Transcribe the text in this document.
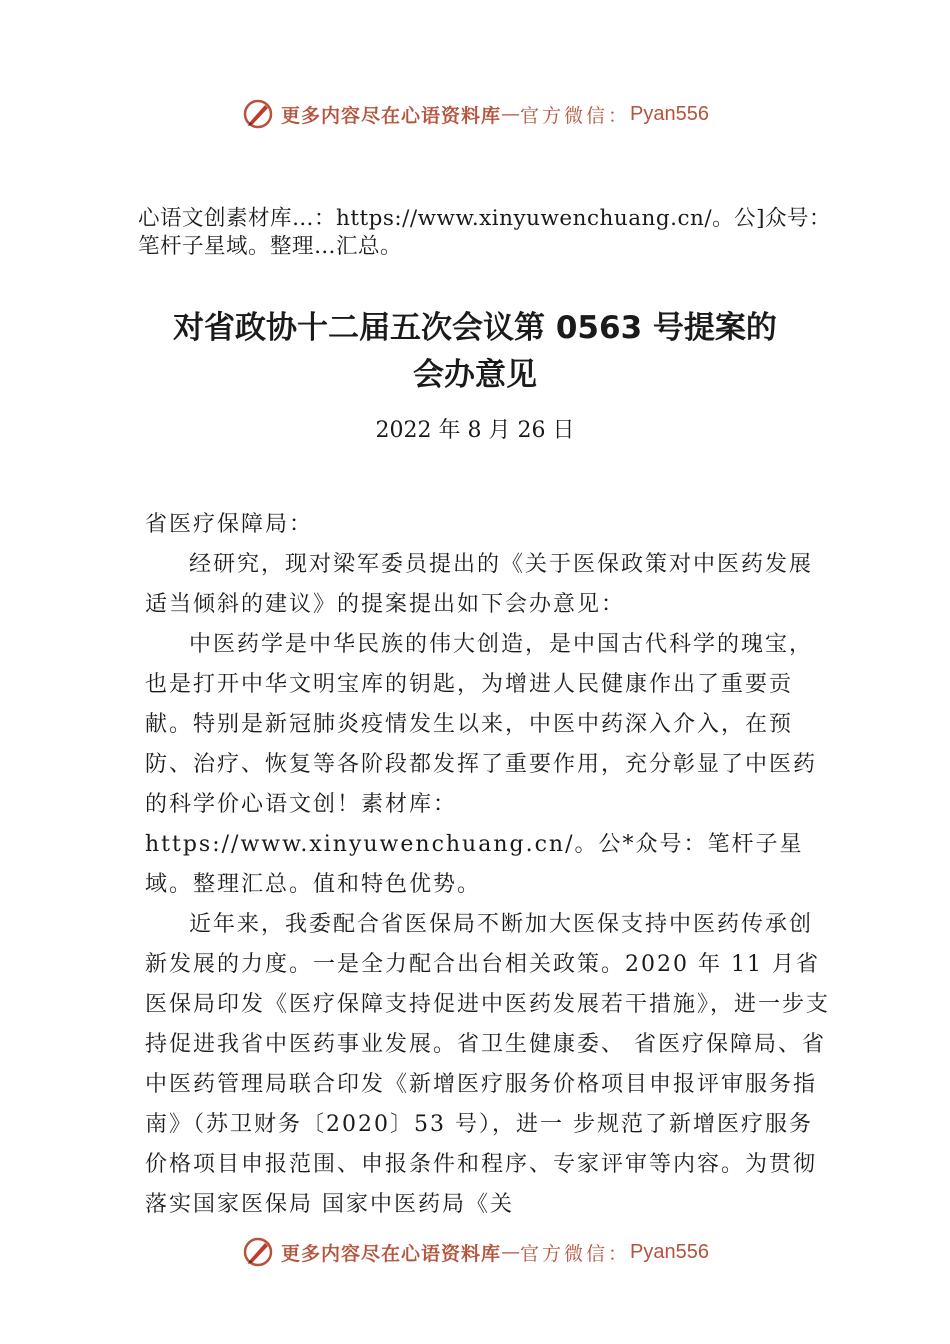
更多内容尽在心语资料库 — 官方微信： Pyan556
心语文创素材库…：https://www.xinyuwenchuang.cn/。公]众号：笔杆子星域。整理…汇总。
对省政协十二届五次会议第 0563 号提案的
会办意见
2022 年 8 月 26 日

省医疗保障局：

经研究，现对梁军委员提出的《关于医保政策对中医药发展适当倾斜的建议》的提案提出如下会办意见：

中医药学是中华民族的伟大创造，是中国古代科学的瑰宝，也是打开中华文明宝库的钥匙，为增进人民健康作出了重要贡献。特别是新冠肺炎疫情发生以来，中医中药深入介入，在预防、治疗、恢复等各阶段都发挥了重要作用，充分彰显了中医药的科学价心语文创！素材库：https://www.xinyuwenchuang.cn/。公*众号：笔杆子星域。整理汇总。值和特色优势。

近年来，我委配合省医保局不断加大医保支持中医药传承创新发展的力度。一是全力配合出台相关政策。2020 年 11 月省医保局印发《医疗保障支持促进中医药发展若干措施》，进一步支持促进我省中医药事业发展。省卫生健康委、 省医疗保障局、省中医药管理局联合印发《新增医疗服务价格项目申报评审服务指南》（苏卫财务〔2020〕53 号），进一 步规范了新增医疗服务价格项目申报范围、申报条件和程序、专家评审等内容。为贯彻落实国家医保局 国家中医药局《关

更多内容尽在心语资料库 — 官方微信： Pyan556
